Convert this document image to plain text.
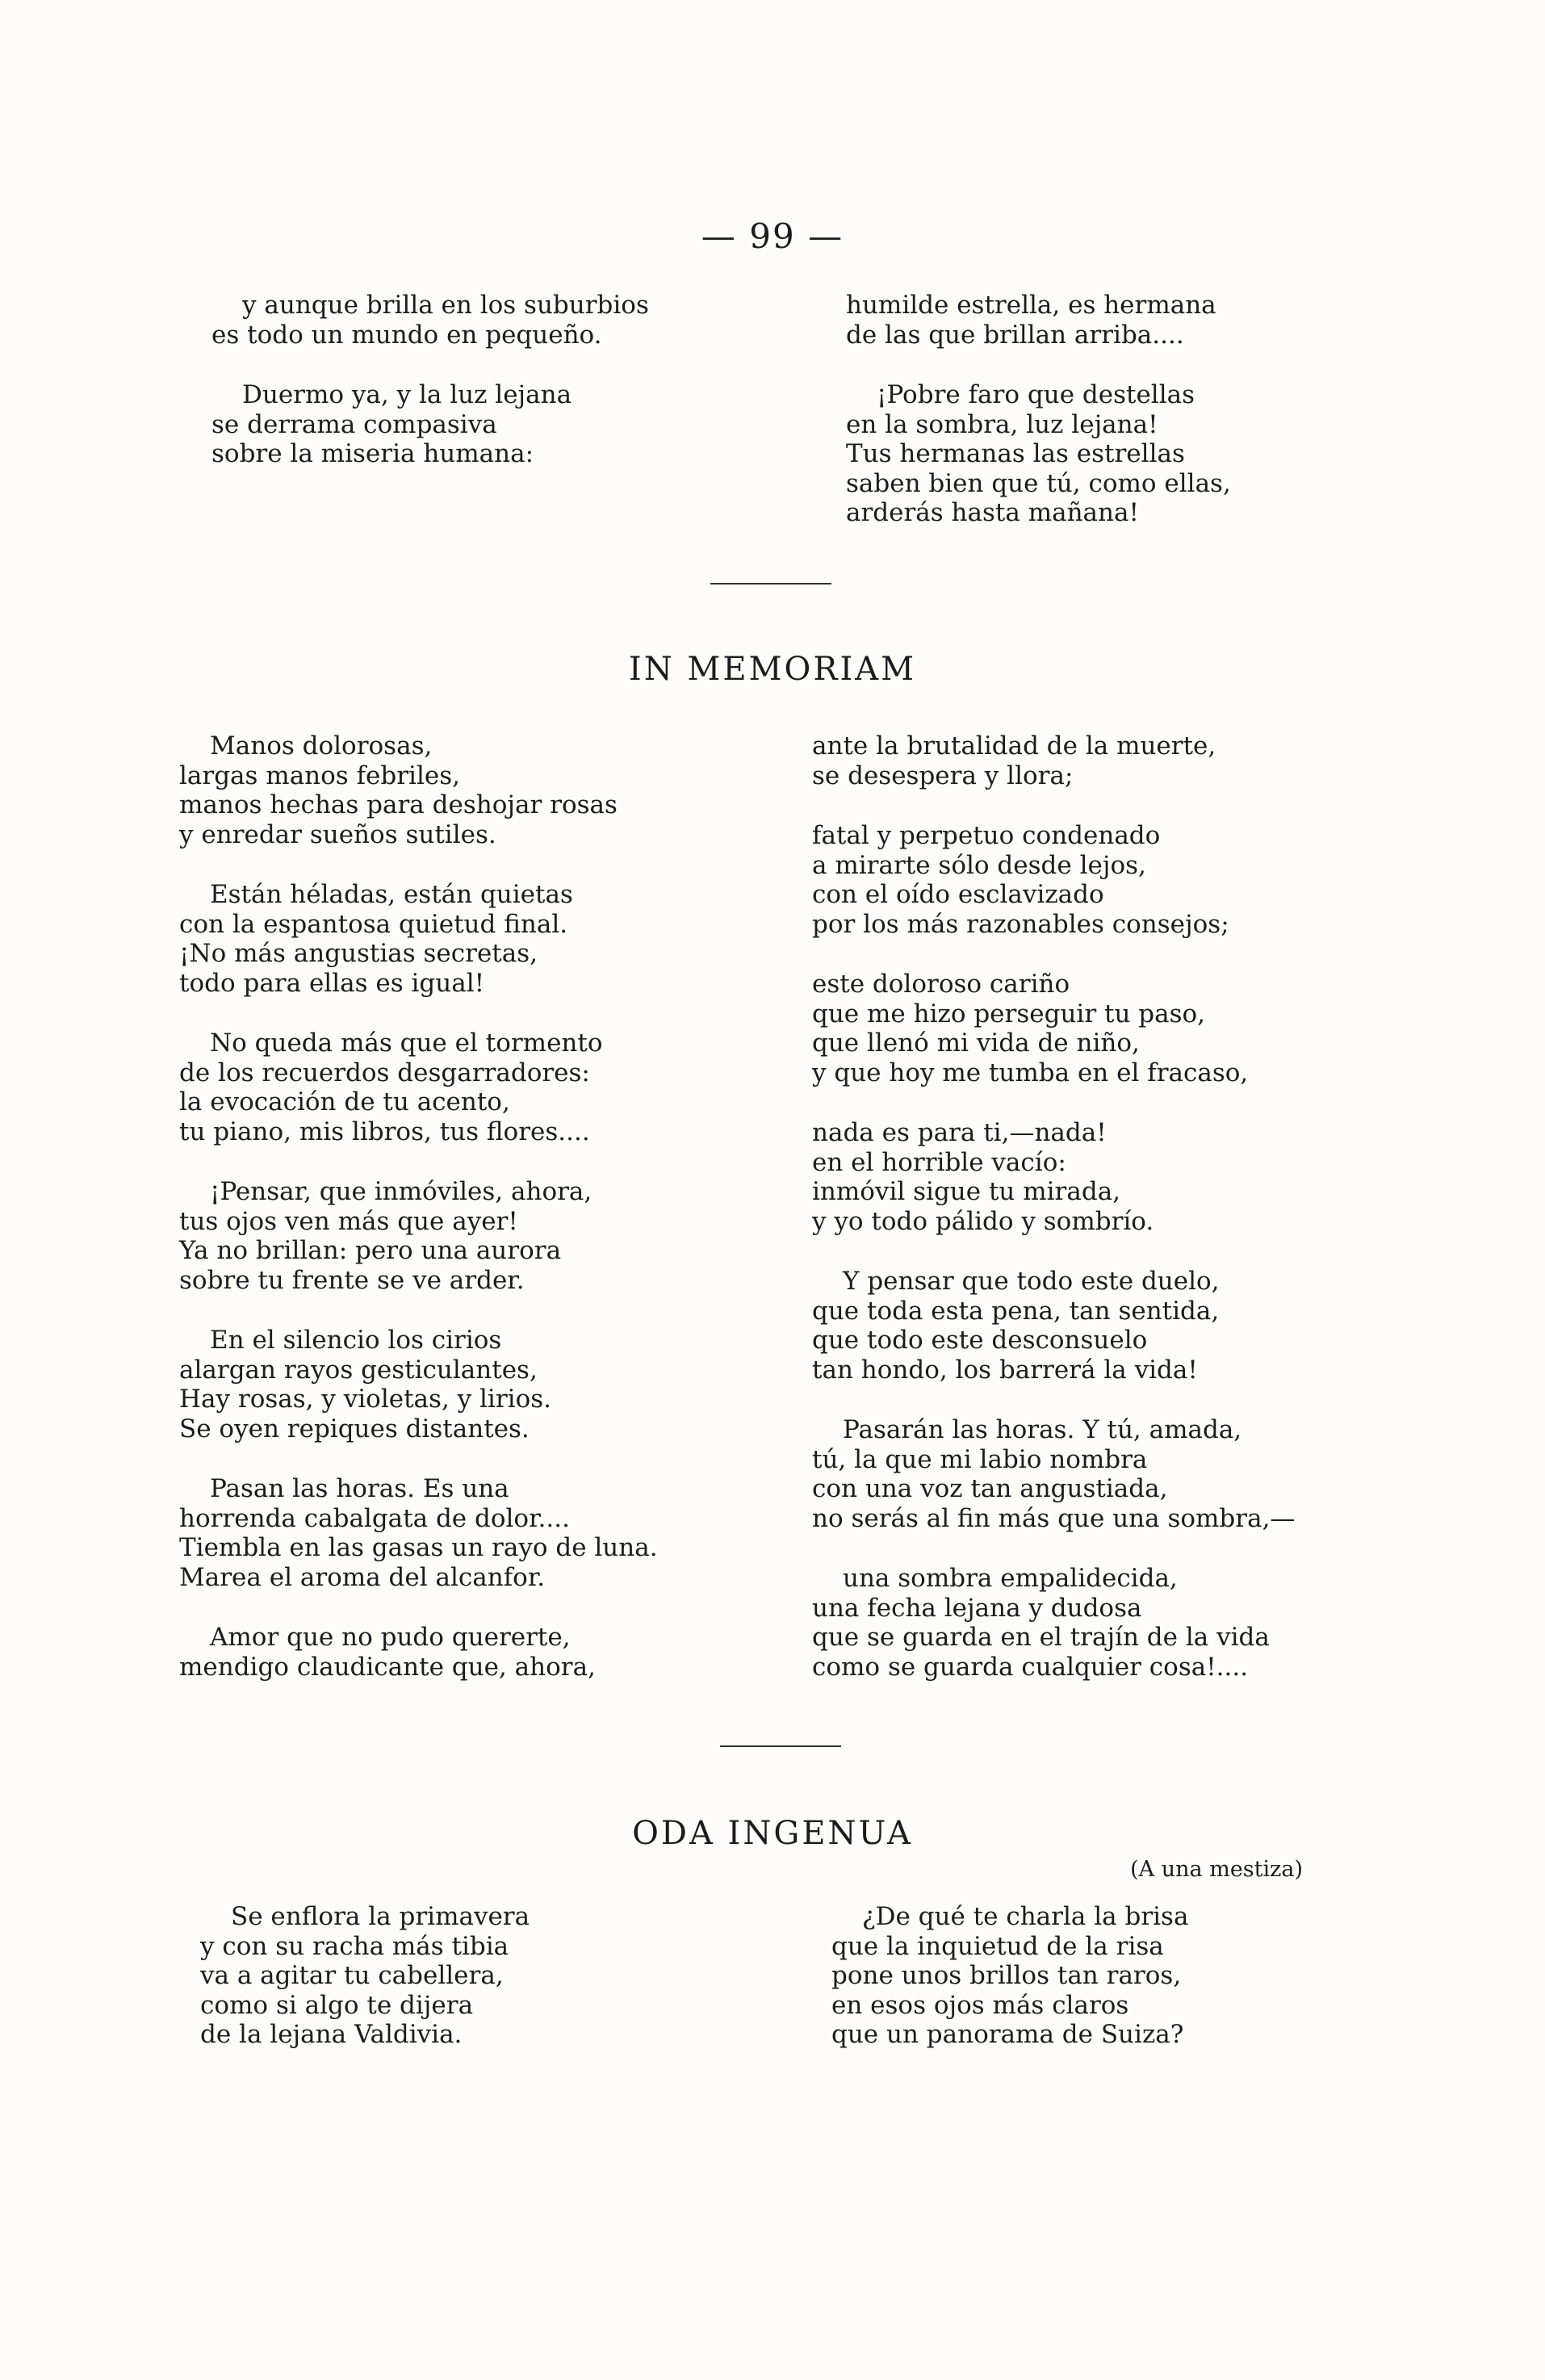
— 99 —
y aunque brilla en los suburbios
es todo un mundo en pequeño.
Duermo ya, y la luz lejana
se derrama compasiva
sobre la miseria humana:
humilde estrella, es hermana
de las que brillan arriba....
¡Pobre faro que destellas
en la sombra, luz lejana!
Tus hermanas las estrellas
saben bien que tú, como ellas,
arderás hasta mañana!
IN MEMORIAM
Manos dolorosas,
largas manos febriles,
manos hechas para deshojar rosas
y enredar sueños sutiles.
Están héladas, están quietas
con la espantosa quietud final.
¡No más angustias secretas,
todo para ellas es igual!
No queda más que el tormento
de los recuerdos desgarradores:
la evocación de tu acento,
tu piano, mis libros, tus flores....
¡Pensar, que inmóviles, ahora,
tus ojos ven más que ayer!
Ya no brillan: pero una aurora
sobre tu frente se ve arder.
En el silencio los cirios
alargan rayos gesticulantes,
Hay rosas, y violetas, y lirios.
Se oyen repiques distantes.
Pasan las horas. Es una
horrenda cabalgata de dolor....
Tiembla en las gasas un rayo de luna.
Marea el aroma del alcanfor.
Amor que no pudo quererte,
mendigo claudicante que, ahora,
ante la brutalidad de la muerte,
se desespera y llora;
fatal y perpetuo condenado
a mirarte sólo desde lejos,
con el oído esclavizado
por los más razonables consejos;
este doloroso cariño
que me hizo perseguir tu paso,
que llenó mi vida de niño,
y que hoy me tumba en el fracaso,
nada es para ti,—nada!
en el horrible vacío:
inmóvil sigue tu mirada,
y yo todo pálido y sombrío.
Y pensar que todo este duelo,
que toda esta pena, tan sentida,
que todo este desconsuelo
tan hondo, los barrerá la vida!
Pasarán las horas. Y tú, amada,
tú, la que mi labio nombra
con una voz tan angustiada,
no serás al fin más que una sombra,—
una sombra empalidecida,
una fecha lejana y dudosa
que se guarda en el trajín de la vida
como se guarda cualquier cosa!....
ODA INGENUA
(A una mestiza)
Se enflora la primavera
y con su racha más tibia
va a agitar tu cabellera,
como si algo te dijera
de la lejana Valdivia.
¿De qué te charla la brisa
que la inquietud de la risa
pone unos brillos tan raros,
en esos ojos más claros
que un panorama de Suiza?
